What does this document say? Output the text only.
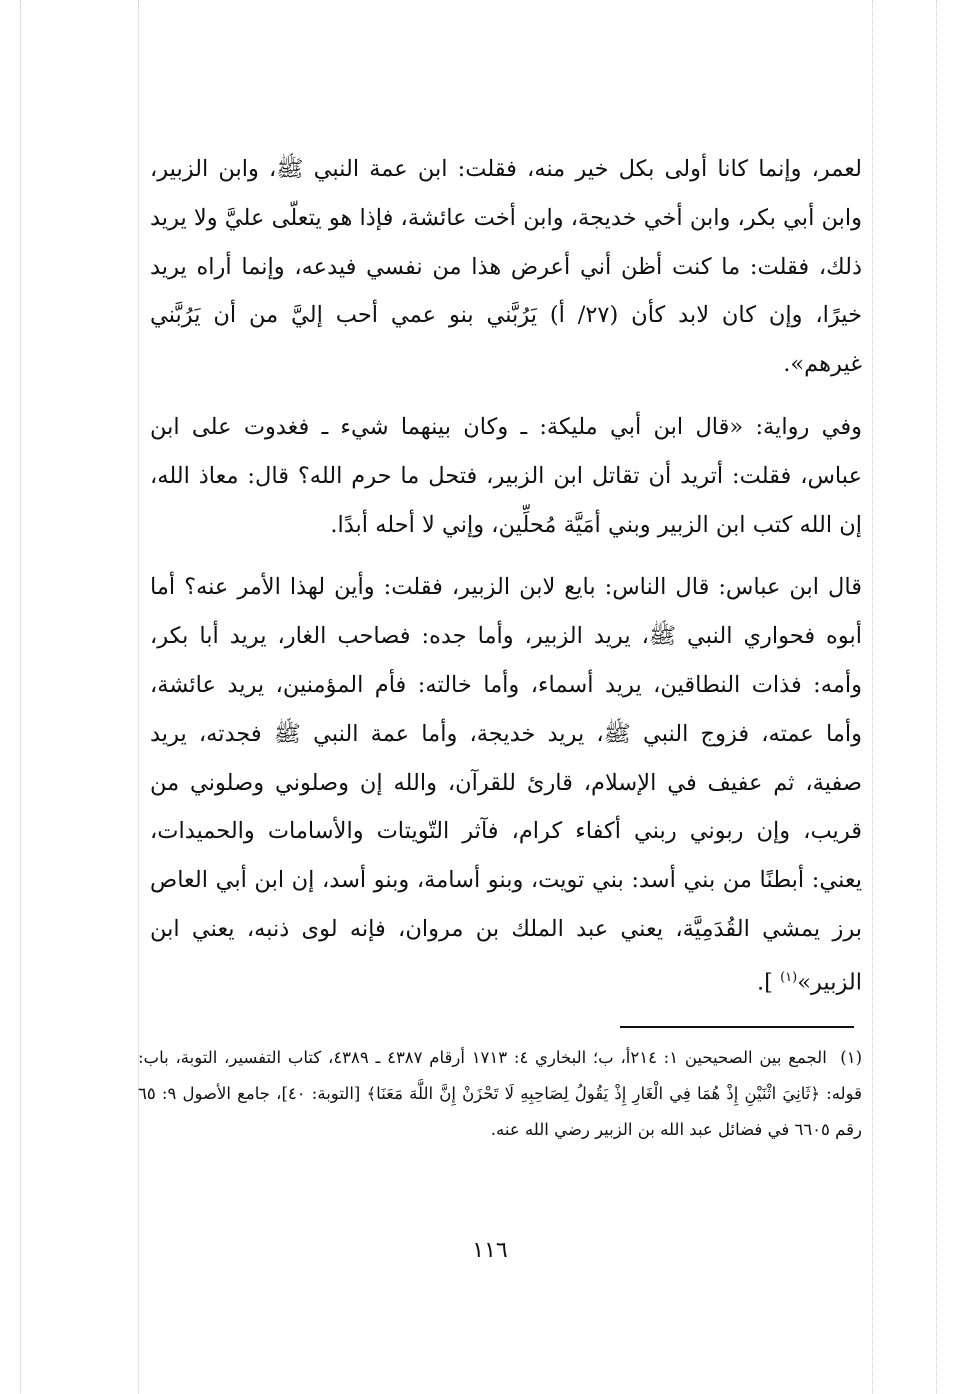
لعمر، وإنما كانا أولى بكل خير منه، فقلت: ابن عمة النبي ﷺ، وابن الزبير، وابن أبي بكر، وابن أخي خديجة، وابن أخت عائشة، فإذا هو يتعلّى عليَّ ولا يريد ذلك، فقلت: ما كنت أظن أني أعرض هذا من نفسي فيدعه، وإنما أراه يريد خيرًا، وإن كان لابد كأن (٢٧/ أ) يَرُبَّني بنو عمي أحب إليَّ من أن يَرُبَّني غيرهم».

وفي رواية: «قال ابن أبي مليكة: ـ وكان بينهما شيء ـ فغدوت على ابن عباس، فقلت: أتريد أن تقاتل ابن الزبير، فتحل ما حرم الله؟ قال: معاذ الله، إن الله كتب ابن الزبير وبني أمَيَّة مُحلِّين، وإني لا أحله أبدًا.

قال ابن عباس: قال الناس: بايع لابن الزبير، فقلت: وأين لهذا الأمر عنه؟ أما أبوه فحواري النبي ﷺ، يريد الزبير، وأما جده: فصاحب الغار، يريد أبا بكر، وأمه: فذات النطاقين، يريد أسماء، وأما خالته: فأم المؤمنين، يريد عائشة، وأما عمته، فزوج النبي ﷺ، يريد خديجة، وأما عمة النبي ﷺ فجدته، يريد صفية، ثم عفيف في الإسلام، قارئ للقرآن، والله إن وصلوني وصلوني من قريب، وإن ربوني ربني أكفاء كرام، فآثر التّويتات والأسامات والحميدات، يعني: أبطنًا من بني أسد: بني تويت، وبنو أسامة، وبنو أسد، إن ابن أبي العاص برز يمشي القُدَمِيَّة، يعني عبد الملك بن مروان، فإنه لوى ذنبه، يعني ابن الزبير»$^{(١)}$ ].

(١)  الجمع بين الصحيحين ١: ٢١٤أ، ب؛ البخاري ٤: ١٧١٣ أرقام ٤٣٨٧ ـ ٤٣٨٩، كتاب التفسير، التوبة، باب: قوله: ﴿ثَانِيَ اثْنَيْنِ إِذْ هُمَا فِي الْغَارِ إِذْ يَقُولُ لِصَاحِبِهِ لَا تَحْزَنْ إِنَّ اللَّهَ مَعَنَا﴾ [التوبة: ٤٠]، جامع الأصول ٩: ٦٥ رقم ٦٦٠٥ في فضائل عبد الله بن الزبير رضي الله عنه.

١١٦
